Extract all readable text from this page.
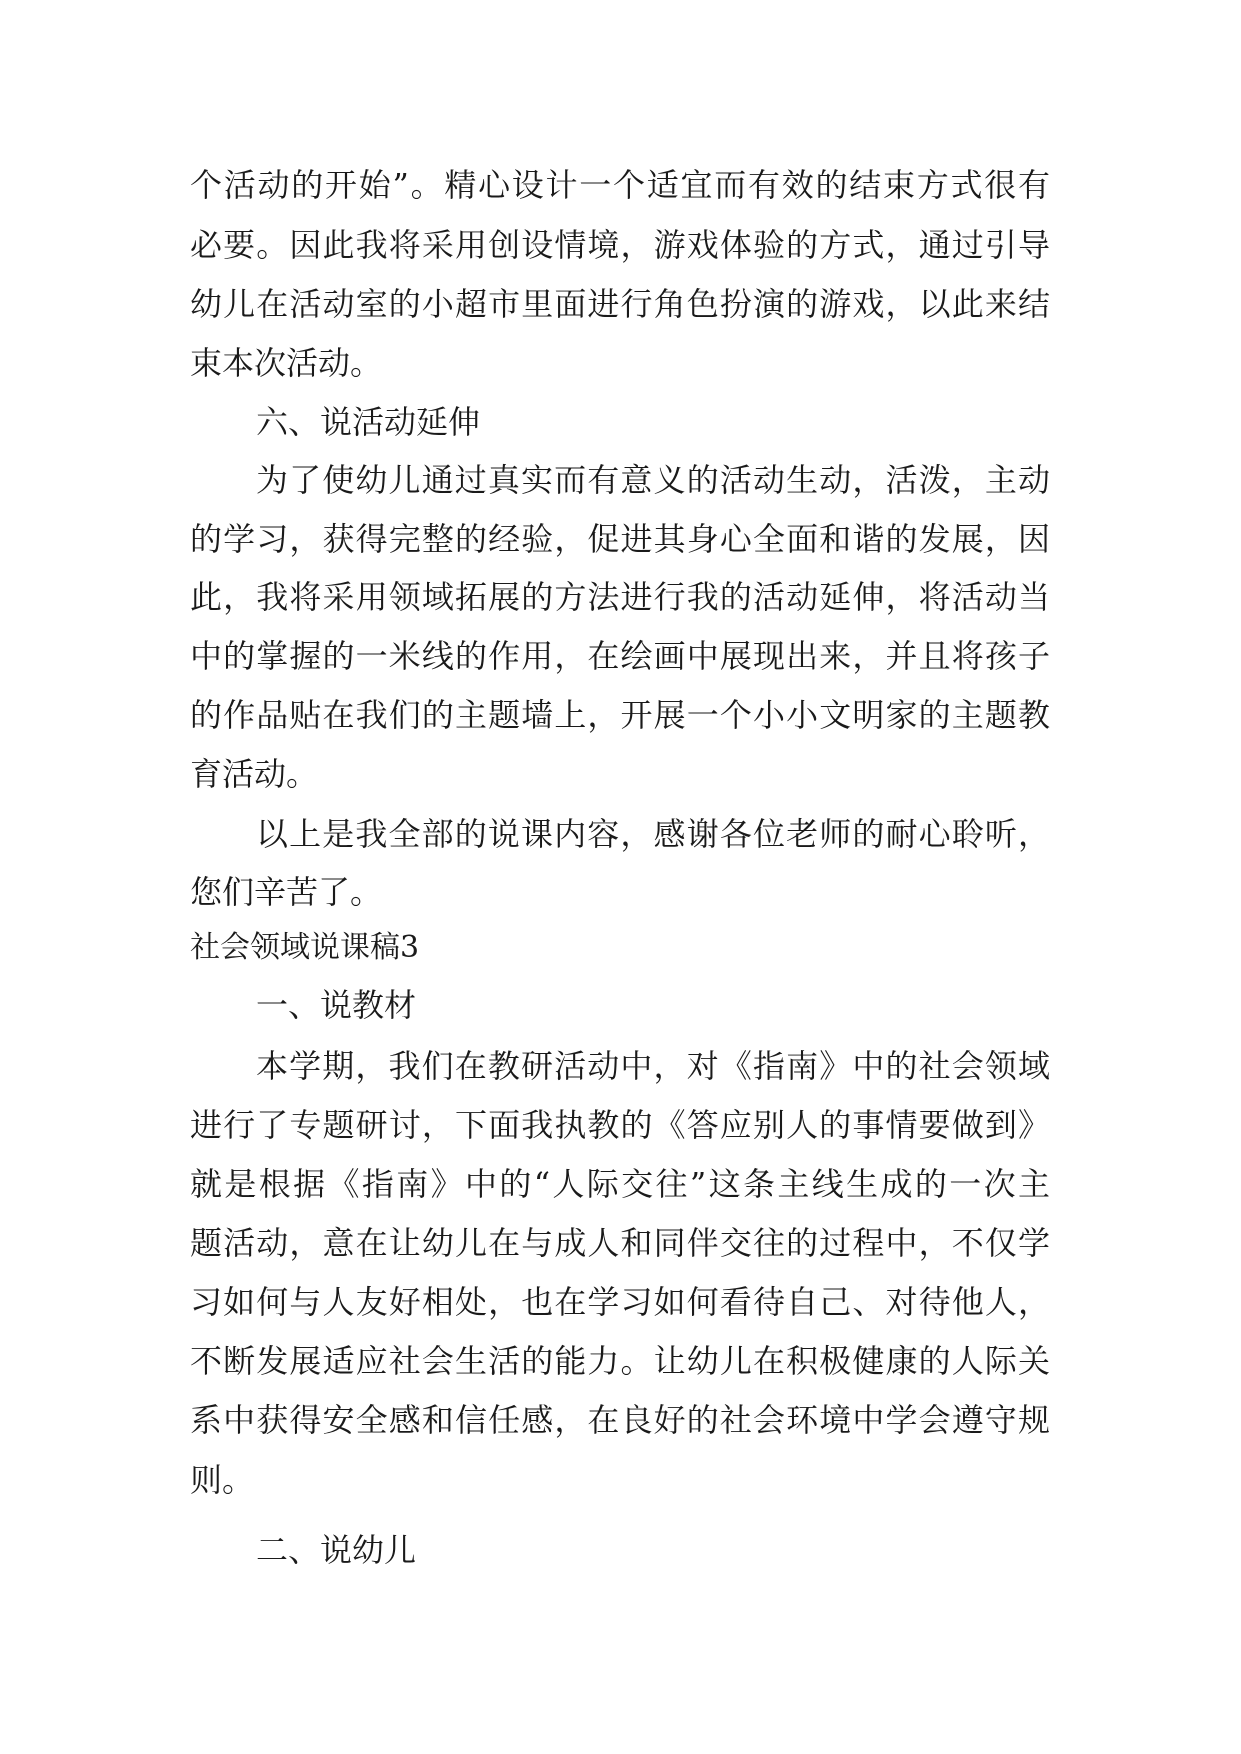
个活动的开始”。精心设计一个适宜而有效的结束方式很有
必要。因此我将采用创设情境，游戏体验的方式，通过引导
幼儿在活动室的小超市里面进行角色扮演的游戏，以此来结
束本次活动。
六、说活动延伸
为了使幼儿通过真实而有意义的活动生动，活泼，主动
的学习，获得完整的经验，促进其身心全面和谐的发展，因
此，我将采用领域拓展的方法进行我的活动延伸，将活动当
中的掌握的一米线的作用，在绘画中展现出来，并且将孩子
的作品贴在我们的主题墙上，开展一个小小文明家的主题教
育活动。
以上是我全部的说课内容，感谢各位老师的耐心聆听，
您们辛苦了。
社会领域说课稿3
一、说教材
本学期，我们在教研活动中，对《指南》中的社会领域
进行了专题研讨，下面我执教的《答应别人的事情要做到》
就是根据《指南》中的“人际交往”这条主线生成的一次主
题活动，意在让幼儿在与成人和同伴交往的过程中，不仅学
习如何与人友好相处，也在学习如何看待自己、对待他人，
不断发展适应社会生活的能力。让幼儿在积极健康的人际关
系中获得安全感和信任感，在良好的社会环境中学会遵守规
则。
二、说幼儿
